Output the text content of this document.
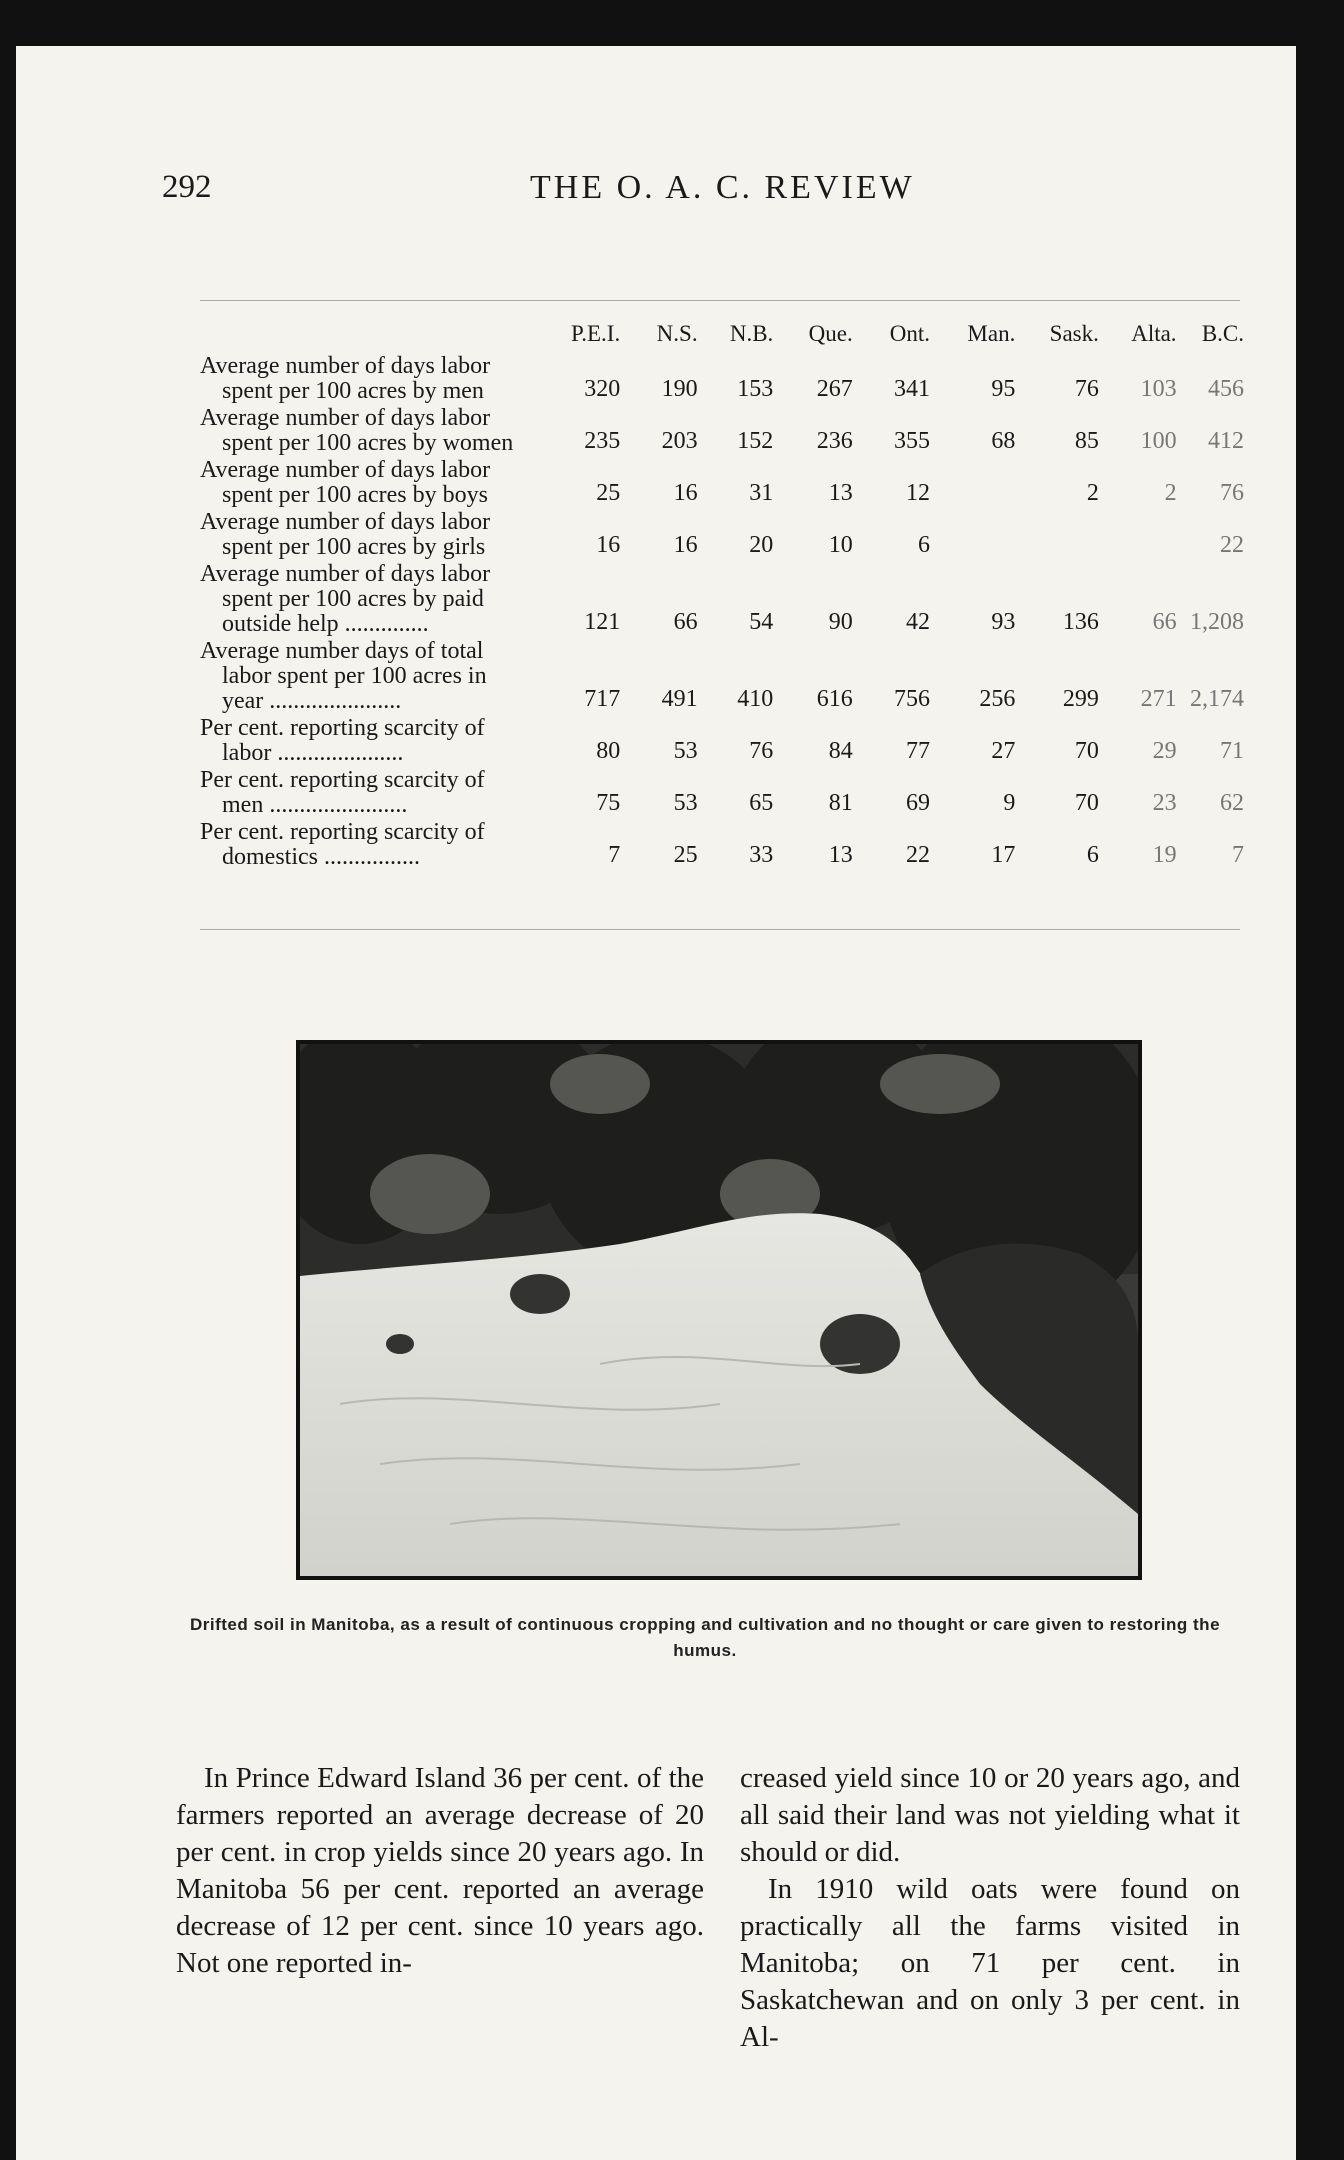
292	THE O. A. C. REVIEW
	P.E.I.	N.S.	N.B.	Que.	Ont.	Man.	Sask.	Alta.	B.C.
Average number of days labor
spent per 100 acres by men	320	190	153	267	341	95	76	103	456
Average number of days labor
spent per 100 acres by women	235	203	152	236	355	68	85	100	412
Average number of days labor
spent per 100 acres by boys	25	16	31	13	12		2	2	76
Average number of days labor
spent per 100 acres by girls	16	16	20	10	6				22
Average number of days labor
spent per 100 acres by paid
outside help ..............	121	66	54	90	42	93	136	66	1,208
Average number days of total
labor spent per 100 acres in
year ......................	717	491	410	616	756	256	299	271	2,174
Per cent. reporting scarcity of
labor .....................	80	53	76	84	77	27	70	29	71
Per cent. reporting scarcity of
men .......................	75	53	65	81	69	9	70	23	62
Per cent. reporting scarcity of
domestics ................	7	25	33	13	22	17	6	19	7
Drifted soil in Manitoba, as a result of continuous cropping and cultivation and no thought or care given to restoring the humus.

In Prince Edward Island 36 per cent. of the farmers reported an average decrease of 20 per cent. in crop yields since 20 years ago. In Manitoba 56 per cent. reported an average decrease of 12 per cent. since 10 years ago. Not one reported in-

creased yield since 10 or 20 years ago, and all said their land was not yielding what it should or did.

In 1910 wild oats were found on practically all the farms visited in Manitoba; on 71 per cent. in Saskatchewan and on only 3 per cent. in Al-
